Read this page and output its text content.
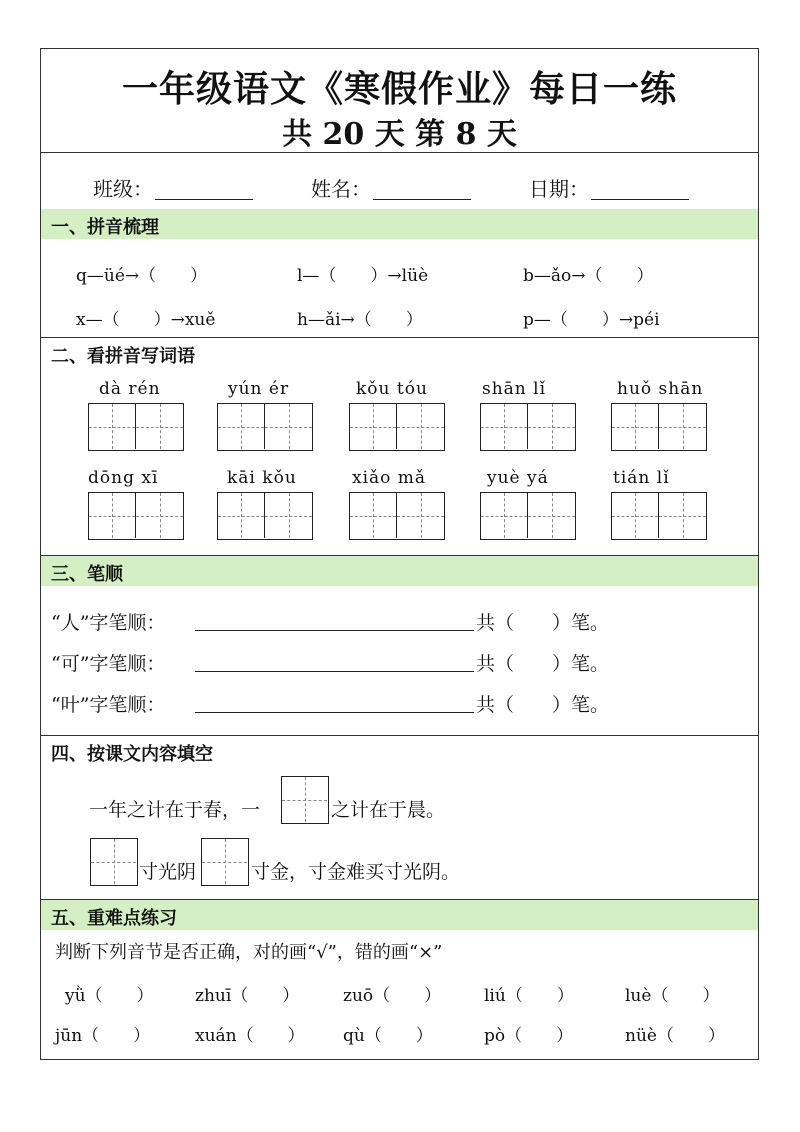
一年级语文《寒假作业》每日一练
共 20 天 第 8 天
班级：	姓名：	日期：
一、拼音梳理
q—üé→（　　）	l—（　　）→lüè	b—ǎo→（　　）
x—（　　）→xuě	h—ǎi→（　　）	p—（　　）→péi
二、看拼音写词语
dà rén	yún ér	kǒu tóu	shān lǐ	huǒ shān
dōng xī	kāi kǒu	xiǎo mǎ	yuè yá	tián lǐ
三、笔顺
“人”字笔顺：	共（　　）笔。
“可”字笔顺：	共（　　）笔。
“叶”字笔顺：	共（　　）笔。
四、按课文内容填空
一年之计在于春，一	之计在于晨。
寸光阴	寸金，寸金难买寸光阴。
五、重难点练习
判断下列音节是否正确，对的画“√”，错的画“×”
yǜ（　　） zhuī（　　）	zuō（　　）	liú（　　）	luè（　　）
jūn（　　）	xuán（　　） qù（　　）	pò（　　）	nüè（　　）
